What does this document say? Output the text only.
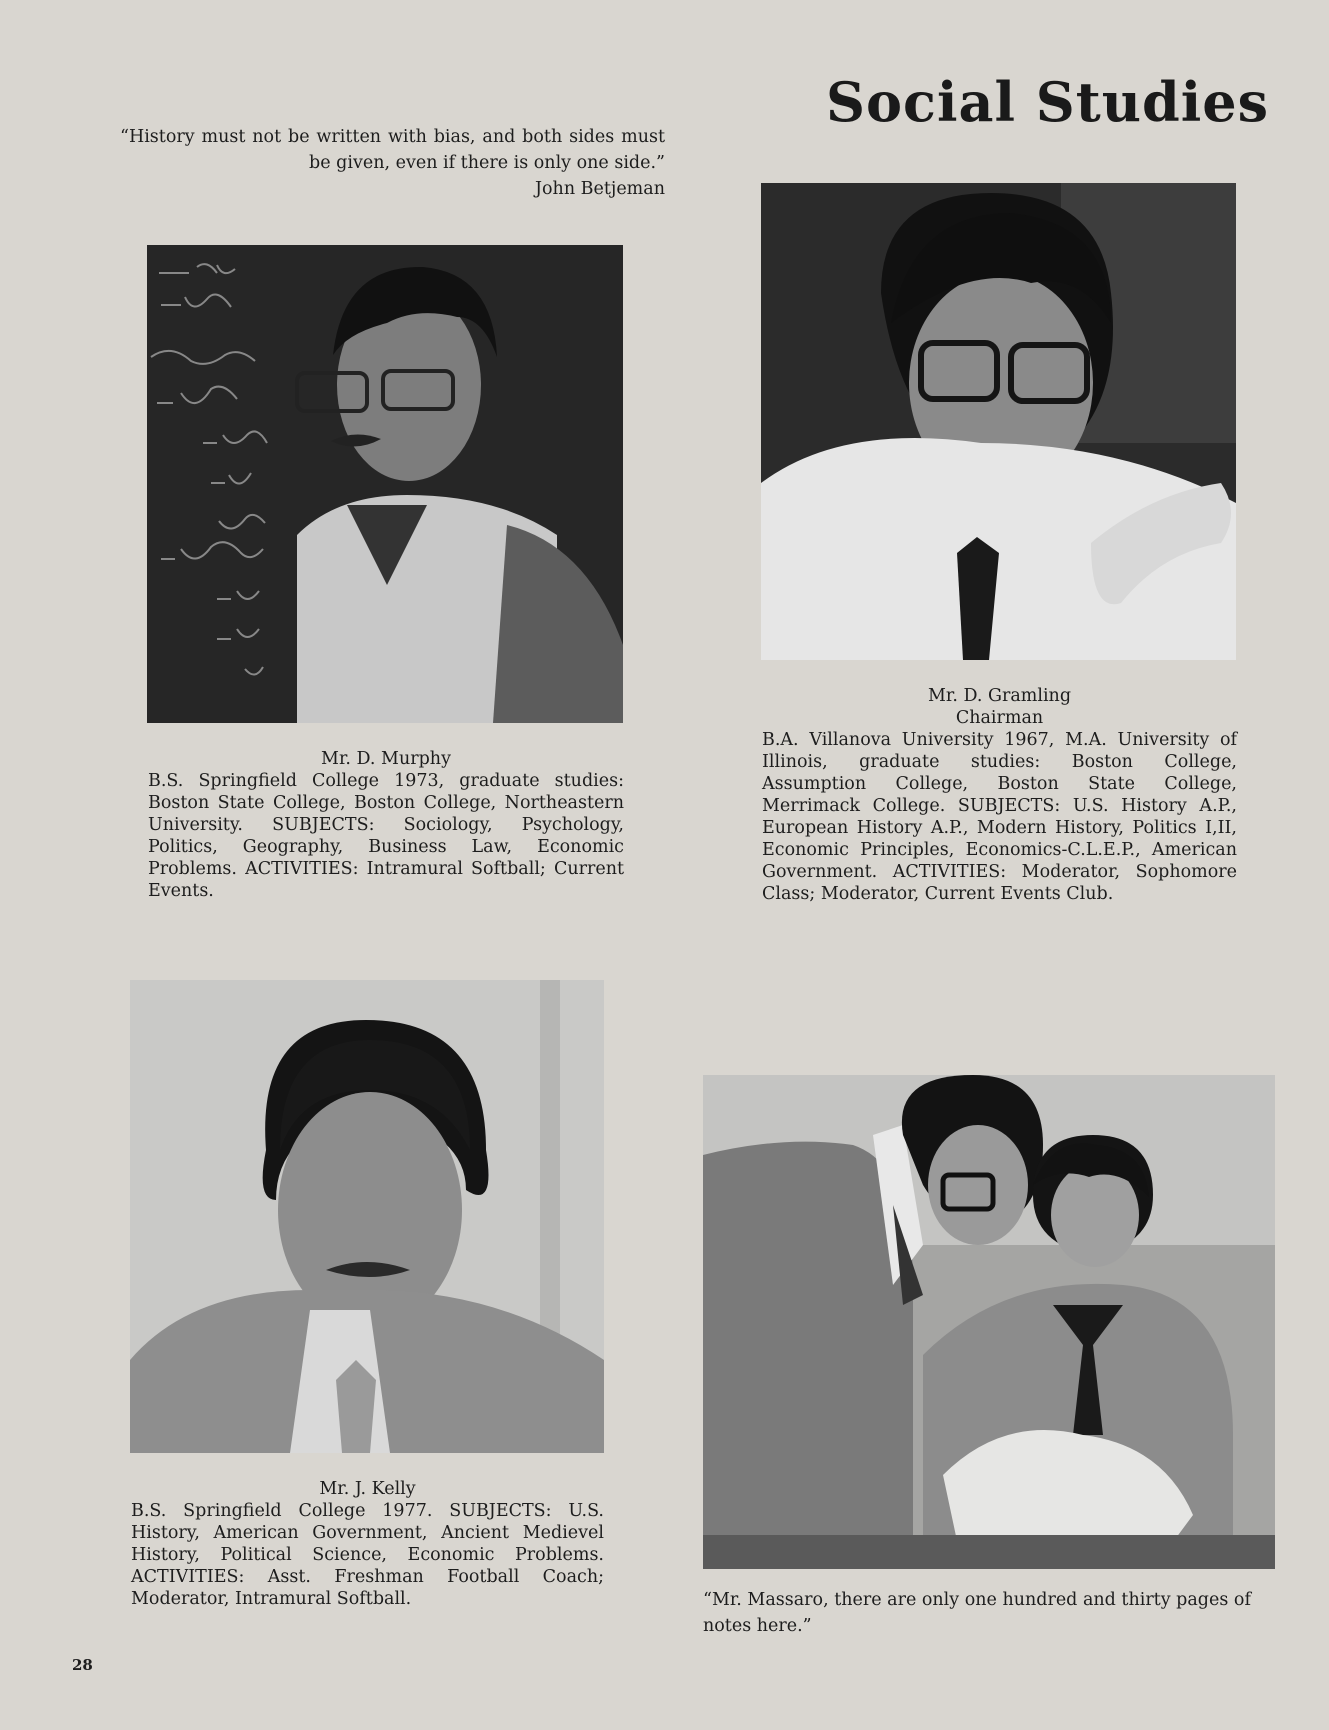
Social Studies
“History must not be written with bias, and both sides must be given, even if there is only one side.”
John Betjeman
Mr. D. Murphy
B.S. Springfield College 1973, graduate studies: Boston State College, Boston College, Northeastern University. SUBJECTS: Sociology, Psychology, Politics, Geography, Business Law, Economic Problems. ACTIVITIES: Intramural Softball; Current Events.
Mr. D. Gramling
Chairman
B.A. Villanova University 1967, M.A. University of Illinois, graduate studies: Boston College, Assumption College, Boston State College, Merrimack College. SUBJECTS: U.S. History A.P., European History A.P., Modern History, Politics I,II, Economic Principles, Economics-C.L.E.P., American Government. ACTIVITIES: Moderator, Sophomore Class; Moderator, Current Events Club.
Mr. J. Kelly
B.S. Springfield College 1977. SUBJECTS: U.S. History, American Government, Ancient Medievel History, Political Science, Economic Problems. ACTIVITIES: Asst. Freshman Football Coach; Moderator, Intramural Softball.	“Mr. Massaro, there are only one hundred and thirty pages of notes here.”
28
